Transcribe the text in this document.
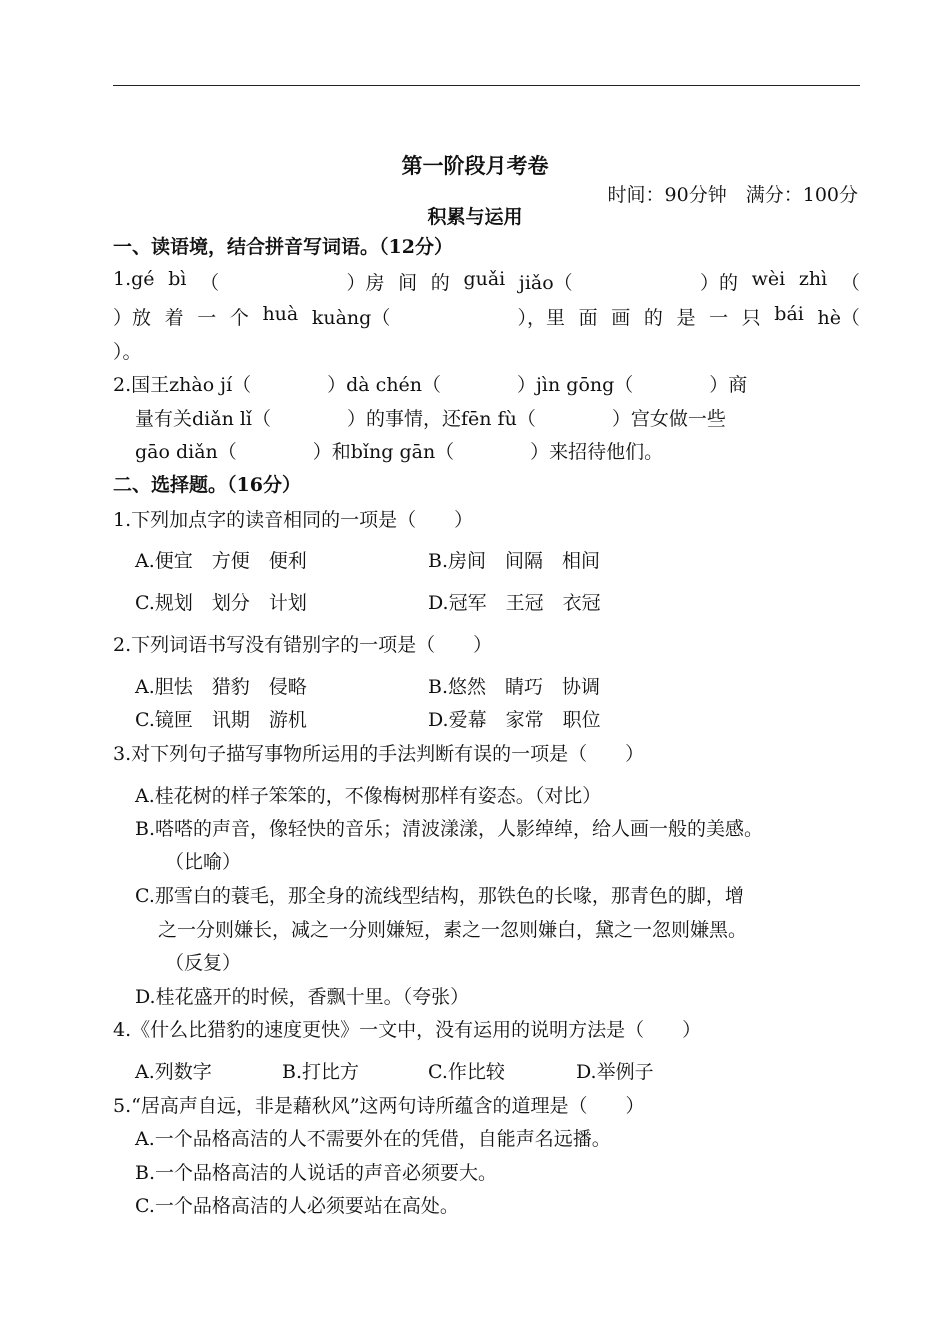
第一阶段月考卷
时间：90分钟　满分：100分
积累与运用
一、读语境，结合拼音写词语。（12分）
1.gé bì （	）房 间 的 guǎi jiǎo（	）的 wèi zhì （
）放 着 一 个 huà kuàng（	），里 面 画 的 是 一 只 bái hè（
）。
2.国王zhào jí（　　　　）dà chén（　　　　）jìn gōng（　　　　）商
量有关diǎn lǐ（　　　　）的事情，还fēn fù（　　　　）宫女做一些
gāo diǎn（　　　　）和bǐng gān（　　　　）来招待他们。
二、选择题。（16分）
1.下列加点字的读音相同的一项是（　　）
A.便宜　方便　便利	B.房间　间隔　相间
C.规划　划分　计划	D.冠军　王冠　衣冠
2.下列词语书写没有错别字的一项是（　　）
A.胆怯　猎豹　侵略	B.悠然　睛巧　协调
C.镜匣　讯期　游机	D.爱幕　家常　职位
3.对下列句子描写事物所运用的手法判断有误的一项是（　　）
A.桂花树的样子笨笨的，不像梅树那样有姿态。（对比）
B.嗒嗒的声音，像轻快的音乐；清波漾漾，人影绰绰，给人画一般的美感。
（比喻）
C.那雪白的蓑毛，那全身的流线型结构，那铁色的长喙，那青色的脚，增
之一分则嫌长，减之一分则嫌短，素之一忽则嫌白，黛之一忽则嫌黑。
（反复）
D.桂花盛开的时候，香飘十里。（夸张）
4.《什么比猎豹的速度更快》一文中，没有运用的说明方法是（　　）
A.列数字	B.打比方	C.作比较	D.举例子
5.“居高声自远，非是藉秋风”这两句诗所蕴含的道理是（　　）
A.一个品格高洁的人不需要外在的凭借，自能声名远播。
B.一个品格高洁的人说话的声音必须要大。
C.一个品格高洁的人必须要站在高处。
